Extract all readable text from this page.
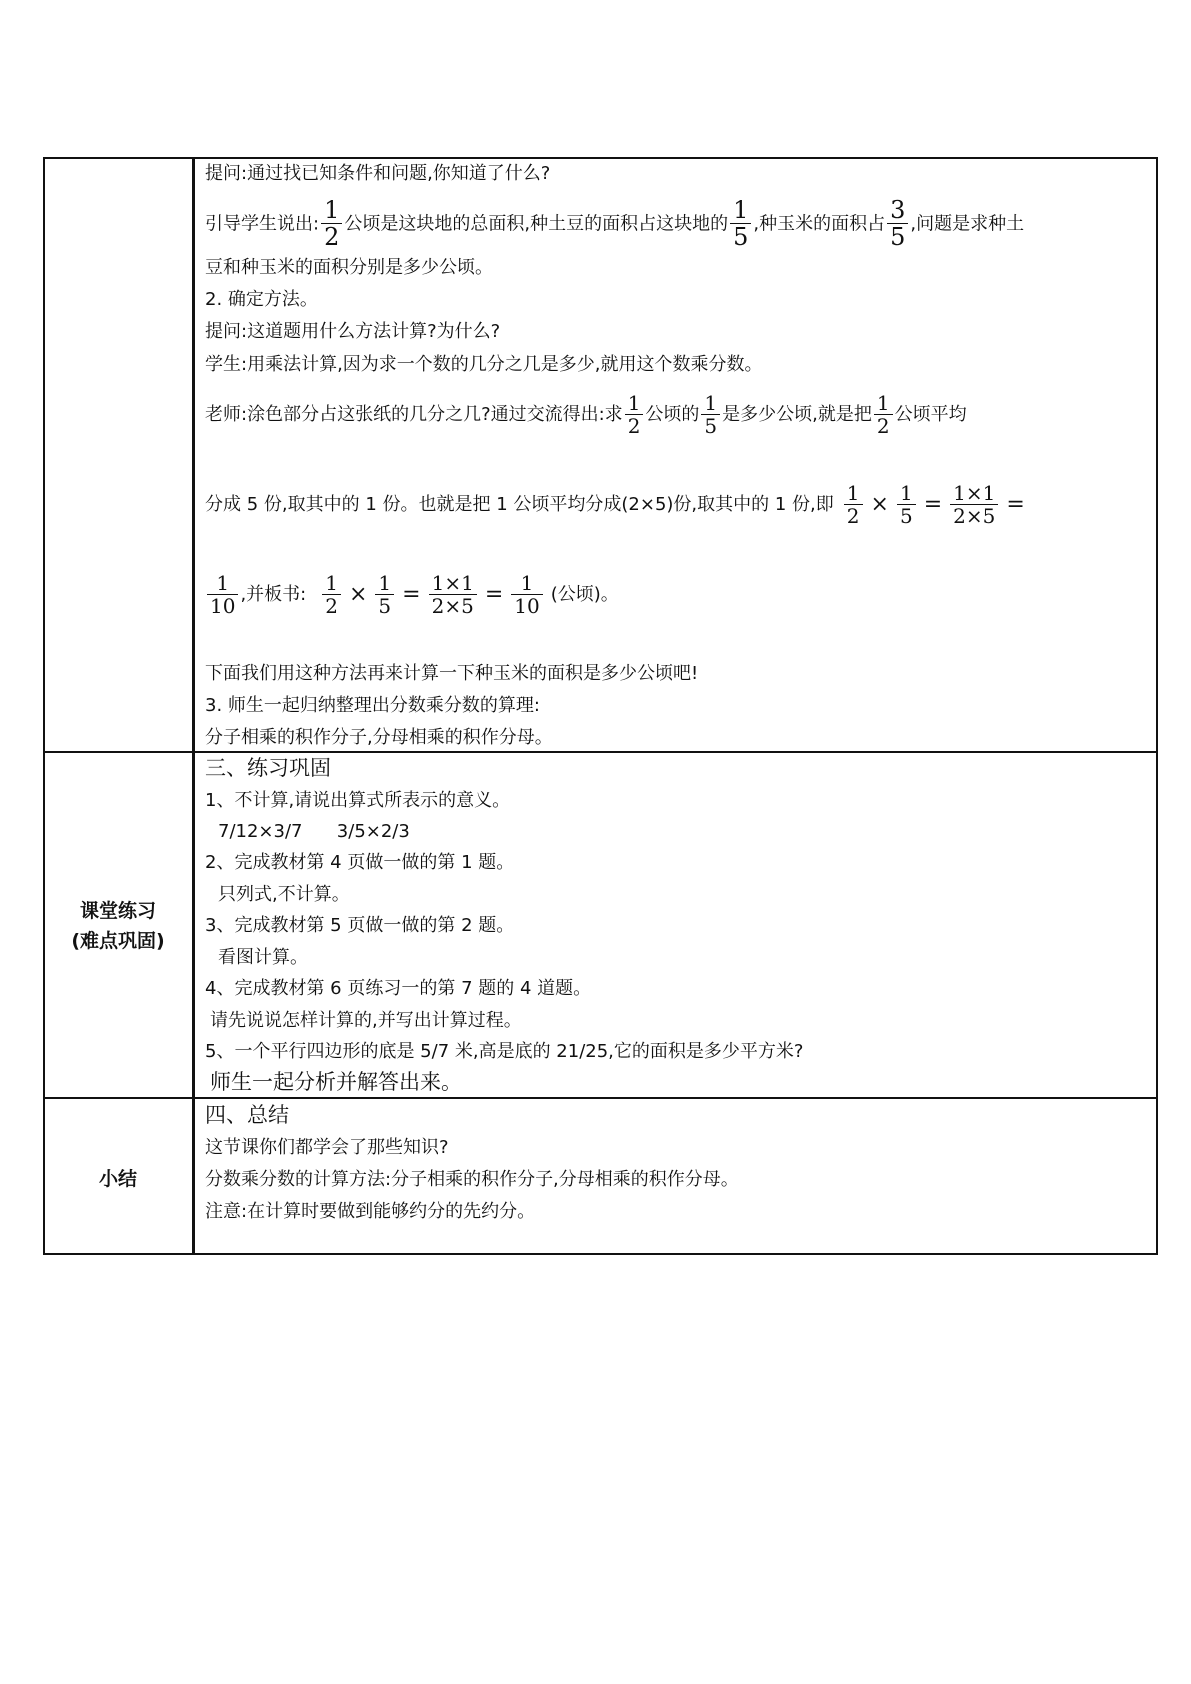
提问:通过找已知条件和问题,你知道了什么?
引导学生说出: $\frac{1}{2}$ 公顷是这块地的总面积,种土豆的面积占这块地的 $\frac{1}{5}$ ,种玉米的面积占 $\frac{3}{5}$ ,问题是求种土
豆和种玉米的面积分别是多少公顷。
2. 确定方法。
提问:这道题用什么方法计算?为什么?
学生:用乘法计算,因为求一个数的几分之几是多少,就用这个数乘分数。
老师:涂色部分占这张纸的几分之几?通过交流得出:求 $\frac{1}{2}$ 公顷的 $\frac{1}{5}$ 是多少公顷,就是把 $\frac{1}{2}$ 公顷平均
分成 5 份,取其中的 1 份。也就是把 1 公顷平均分成(2×5)份,取其中的 1 份,即 $\frac{1}{2} \times \frac{1}{5} = \frac{1\times 1}{2\times 5}$ =
$\frac{1}{10}$ ,并板书: $\frac{1}{2} \times \frac{1}{5} = \frac{1\times 1}{2\times 5} = \frac{1}{10}$ (公顷)。
下面我们用这种方法再来计算一下种玉米的面积是多少公顷吧!
3. 师生一起归纳整理出分数乘分数的算理:
分子相乘的积作分子,分母相乘的积作分母。
课堂练习
(难点巩固)
三、练习巩固
1、不计算,请说出算式所表示的意义。
7/12×3/7      3/5×2/3
2、完成教材第 4 页做一做的第 1 题。
只列式,不计算。
3、完成教材第 5 页做一做的第 2 题。
看图计算。
4、完成教材第 6 页练习一的第 7 题的 4 道题。
请先说说怎样计算的,并写出计算过程。
5、一个平行四边形的底是 5/7 米,高是底的 21/25,它的面积是多少平方米?
师生一起分析并解答出来。
小结
四、总结
这节课你们都学会了那些知识?
分数乘分数的计算方法:分子相乘的积作分子,分母相乘的积作分母。
注意:在计算时要做到能够约分的先约分。
